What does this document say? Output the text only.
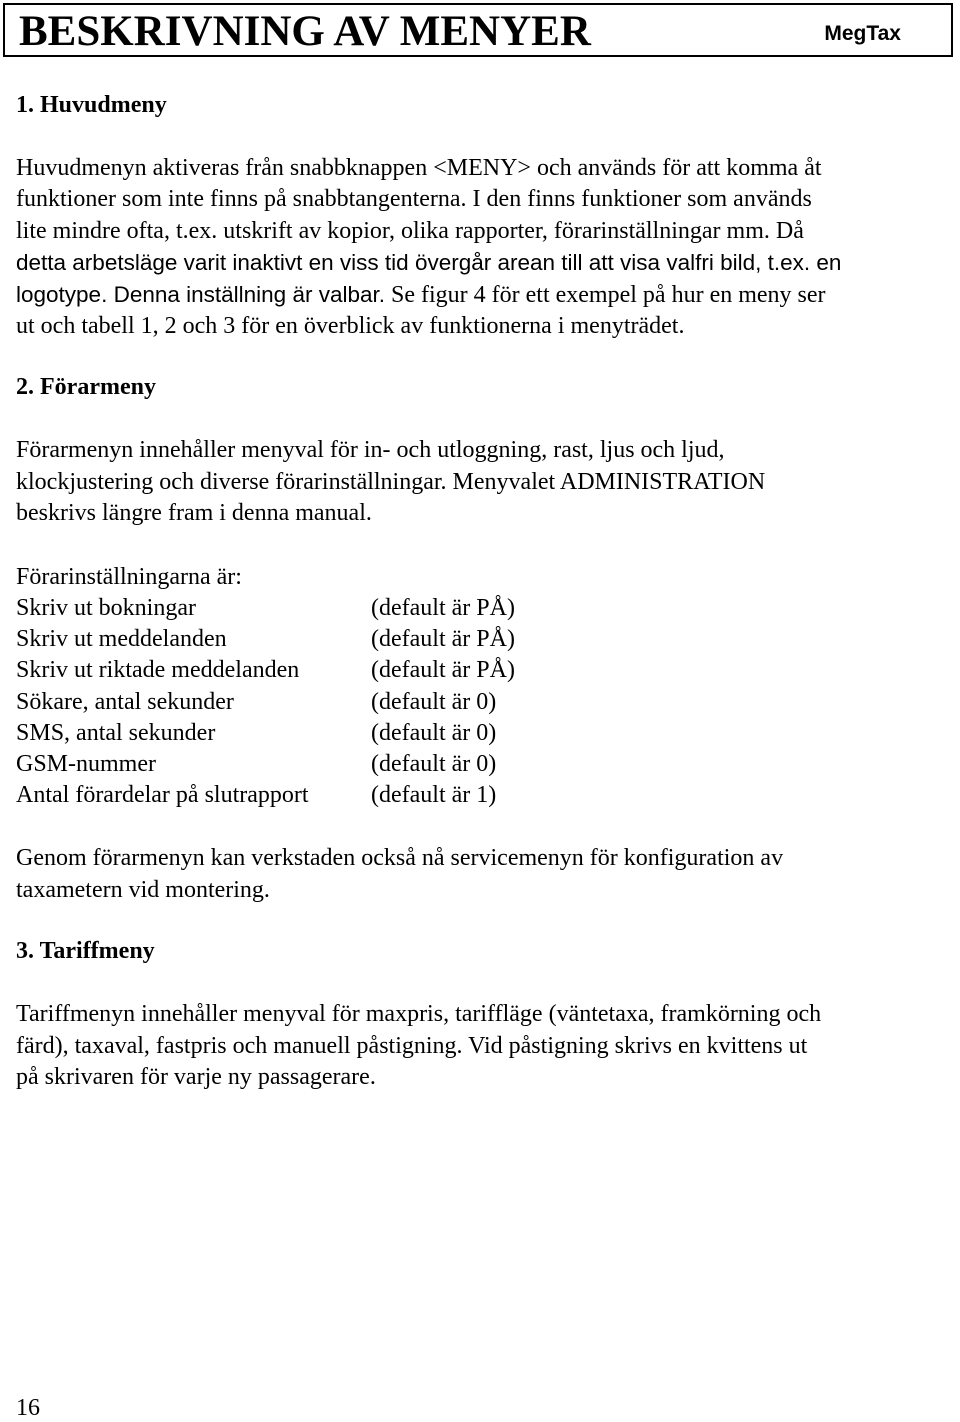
BESKRIVNING AV MENYER	MegTax
1. Huvudmeny

Huvudmenyn aktiveras från snabbknappen <MENY> och används för att komma åt
funktioner som inte finns på snabbtangenterna. I den finns funktioner som används
lite mindre ofta, t.ex. utskrift av kopior, olika rapporter, förarinställningar mm. Då
detta arbetsläge varit inaktivt en viss tid övergår arean till att visa valfri bild, t.ex. en
logotype. Denna inställning är valbar. Se figur 4 för ett exempel på hur en meny ser
ut och tabell 1, 2 och 3 för en överblick av funktionerna i menyträdet.

2. Förarmeny

Förarmenyn innehåller menyval för in- och utloggning, rast, ljus och ljud,
klockjustering och diverse förarinställningar. Menyvalet ADMINISTRATION
beskrivs längre fram i denna manual.

Förarinställningarna är:

Skriv ut bokningar	(default är PÅ)
Skriv ut meddelanden	(default är PÅ)
Skriv ut riktade meddelanden	(default är PÅ)
Sökare, antal sekunder	(default är 0)
SMS, antal sekunder	(default är 0)
GSM-nummer	(default är 0)
Antal förardelar på slutrapport	(default är 1)

Genom förarmenyn kan verkstaden också nå servicemenyn för konfiguration av
taxametern vid montering.

3. Tariffmeny

Tariffmenyn innehåller menyval för maxpris, tariffläge (väntetaxa, framkörning och
färd), taxaval, fastpris och manuell påstigning. Vid påstigning skrivs en kvittens ut
på skrivaren för varje ny passagerare.

16
